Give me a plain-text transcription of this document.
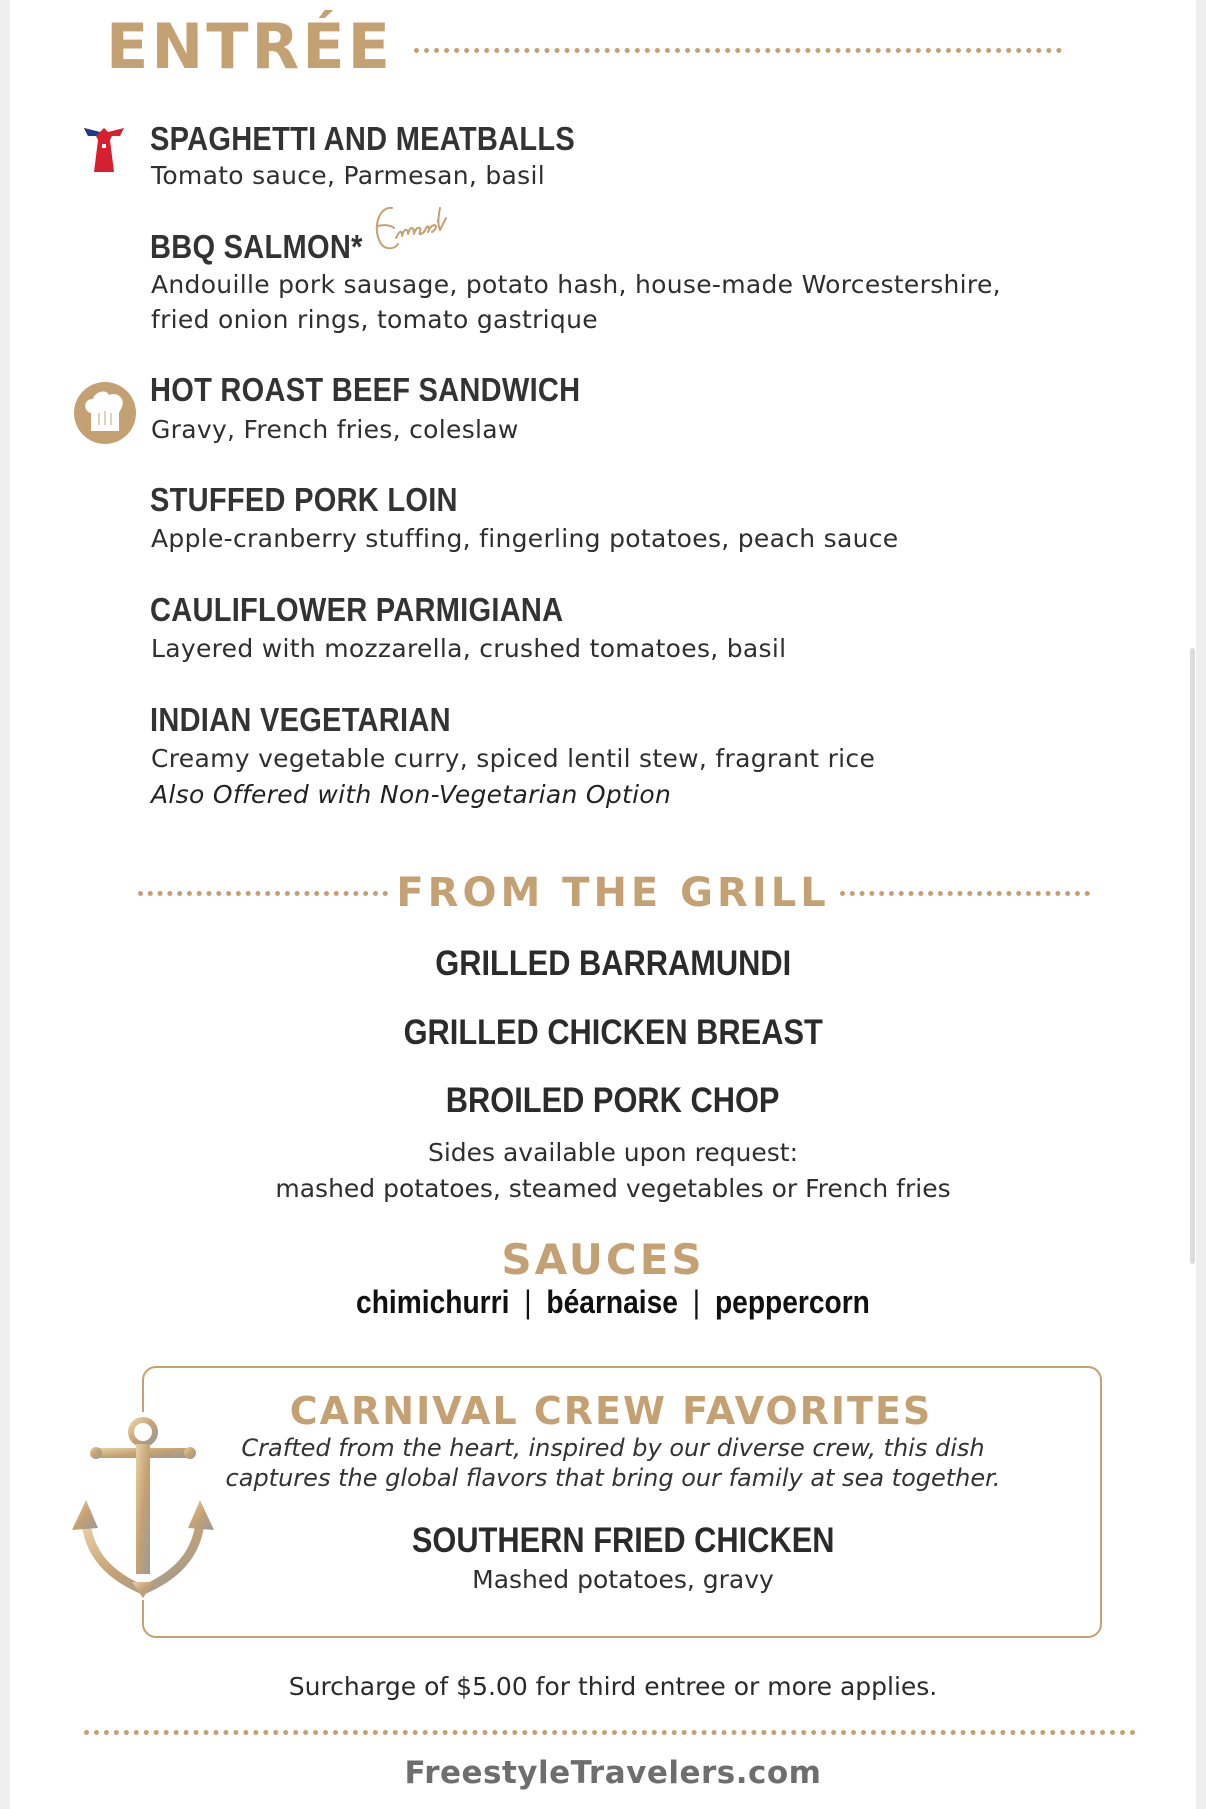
ENTRÉE
SPAGHETTI AND MEATBALLS
Tomato sauce, Parmesan, basil
BBQ SALMON*
Andouille pork sausage, potato hash, house-made Worcestershire,
fried onion rings, tomato gastrique
HOT ROAST BEEF SANDWICH
Gravy, French fries, coleslaw
STUFFED PORK LOIN
Apple-cranberry stuffing, fingerling potatoes, peach sauce
CAULIFLOWER PARMIGIANA
Layered with mozzarella, crushed tomatoes, basil
INDIAN VEGETARIAN
Creamy vegetable curry, spiced lentil stew, fragrant rice
Also Offered with Non-Vegetarian Option
FROM THE GRILL
GRILLED BARRAMUNDI
GRILLED CHICKEN BREAST
BROILED PORK CHOP
Sides available upon request:
mashed potatoes, steamed vegetables or French fries
SAUCES
chimichurri | béarnaise | peppercorn
CARNIVAL CREW FAVORITES
Crafted from the heart, inspired by our diverse crew, this dish
captures the global flavors that bring our family at sea together.
SOUTHERN FRIED CHICKEN
Mashed potatoes, gravy
Surcharge of $5.00 for third entree or more applies.
FreestyleTravelers.com
